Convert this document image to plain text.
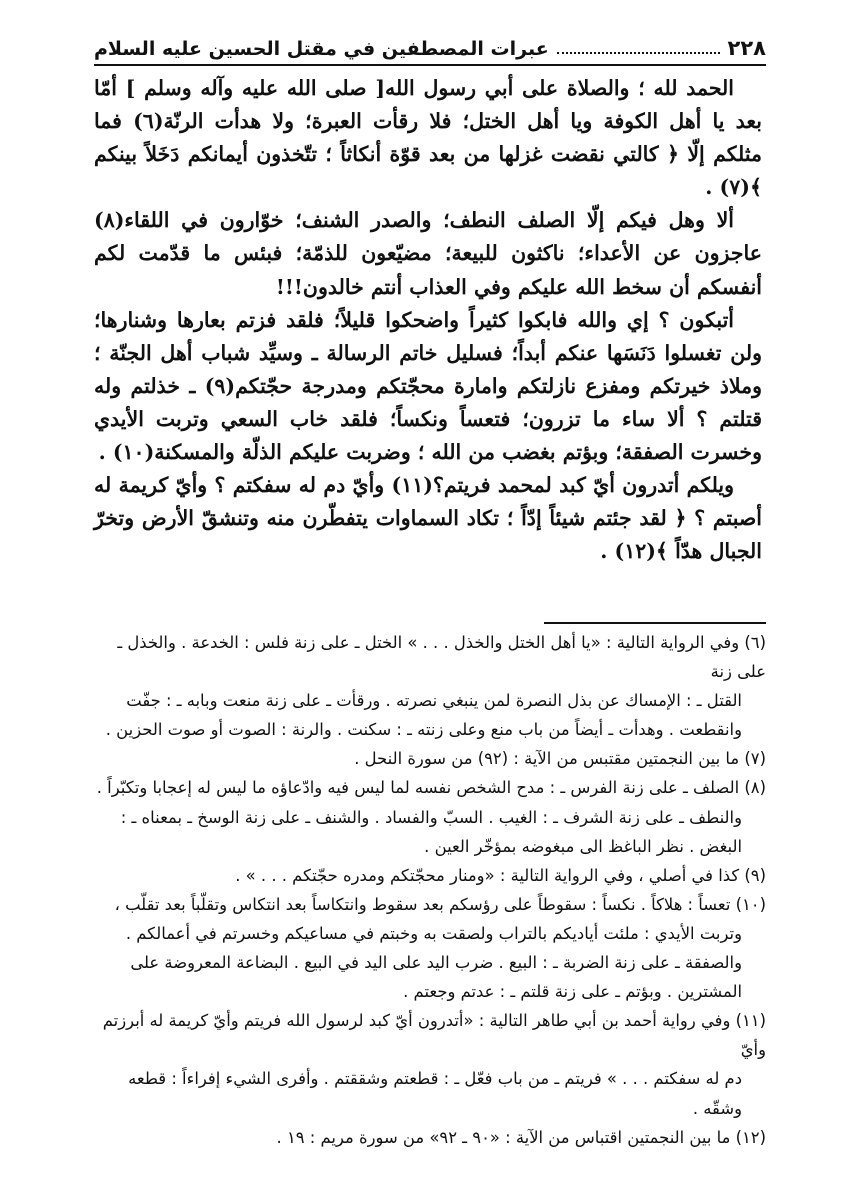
٢٢٨
عبرات المصطفين في مقتل الحسين عليه السلام

الحمد لله ؛ والصلاة على أبي رسول الله[ صلى الله عليه وآله وسلم ] أمّا بعد يا أهل الكوفة ويا أهل الختل؛ فلا رقأت العبرة؛ ولا هدأت الرنّة(٦) فما مثلكم إلّا ﴿ كالتي نقضت غزلها من بعد قوّة أنكاثاً ؛ تتّخذون أيمانكم دَخَلاً بينكم ﴾(٧) .

ألا وهل فيكم إلّا الصلف النطف؛ والصدر الشنف؛ خوّارون في اللقاء(٨) عاجزون عن الأعداء؛ ناكثون للبيعة؛ مضيّعون للذمّة؛ فبئس ما قدّمت لكم أنفسكم أن سخط الله عليكم وفي العذاب أنتم خالدون!!!

أتبكون ؟ إي والله فابكوا كثيراً واضحكوا قليلاً؛ فلقد فزتم بعارها وشنارها؛ ولن تغسلوا دَنَسَها عنكم أبداً؛ فسليل خاتم الرسالة ـ وسيِّد شباب أهل الجنّة ؛ وملاذ خيرتكم ومفزع نازلتكم وامارة محجّتكم ومدرجة حجّتكم(٩) ـ خذلتم وله قتلتم ؟ ألا ساء ما تزرون؛ فتعساً ونكساً؛ فلقد خاب السعي وتربت الأيدي وخسرت الصفقة؛ وبؤتم بغضب من الله ؛ وضربت عليكم الذلّة والمسكنة(١٠) .

ويلكم أتدرون أيّ كبد لمحمد فريتم؟(١١) وأيّ دم له سفكتم ؟ وأيّ كريمة له أصبتم ؟ ﴿ لقد جئتم شيئاً إدّاً ؛ تكاد السماوات يتفطّرن منه وتنشقّ الأرض وتخرّ الجبال هدّاً ﴾(١٢) .

(٦) وفي الرواية التالية : «يا أهل الختل والخذل . . . » الختل ـ على زنة فلس : الخدعة . والخذل ـ على زنة
القتل ـ : الإمساك عن بذل النصرة لمن ينبغي نصرته . ورقأت ـ على زنة منعت وبابه ـ : جفّت
وانقطعت . وهدأت ـ أيضاً من باب منع وعلى زنته ـ : سكنت . والرنة : الصوت أو صوت الحزين .
(٧) ما بين النجمتين مقتبس من الآية : (٩٢) من سورة النحل .
(٨) الصلف ـ على زنة الفرس ـ : مدح الشخص نفسه لما ليس فيه وادّعاؤه ما ليس له إعجابا وتكبّراً .
والنطف ـ على زنة الشرف ـ : الغيب . السبّ والفساد . والشنف ـ على زنة الوسخ ـ بمعناه ـ :
البغض . نظر الباغظ الى مبغوضه بمؤخّر العين .
(٩) كذا في أصلي ، وفي الرواية التالية : «ومنار محجّتكم ومدره حجّتكم . . . » .
(١٠) تعساً : هلاكاً . نكساً : سقوطاً على رؤسكم بعد سقوط وانتكاساً بعد انتكاس وتقلّباً بعد تقلّب ،
وتربت الأيدي : ملئت أياديكم بالتراب ولصقت به وخبتم في مساعيكم وخسرتم في أعمالكم .
والصفقة ـ على زنة الضربة ـ : البيع . ضرب اليد على اليد في البيع . البضاعة المعروضة على
المشترين . وبؤتم ـ على زنة قلتم ـ : عدتم وجعتم .
(١١) وفي رواية أحمد بن أبي طاهر التالية : «أتدرون أيّ كبد لرسول الله فريتم وأيّ كريمة له أبرزتم وأيّ
دم له سفكتم . . . » فريتم ـ من باب فعّل ـ : قطعتم وشققتم . وأفرى الشيء إفراءاً : قطعه وشقّه .
(١٢) ما بين النجمتين اقتباس من الآية : «٩٠ ـ ٩٢» من سورة مريم : ١٩ .
